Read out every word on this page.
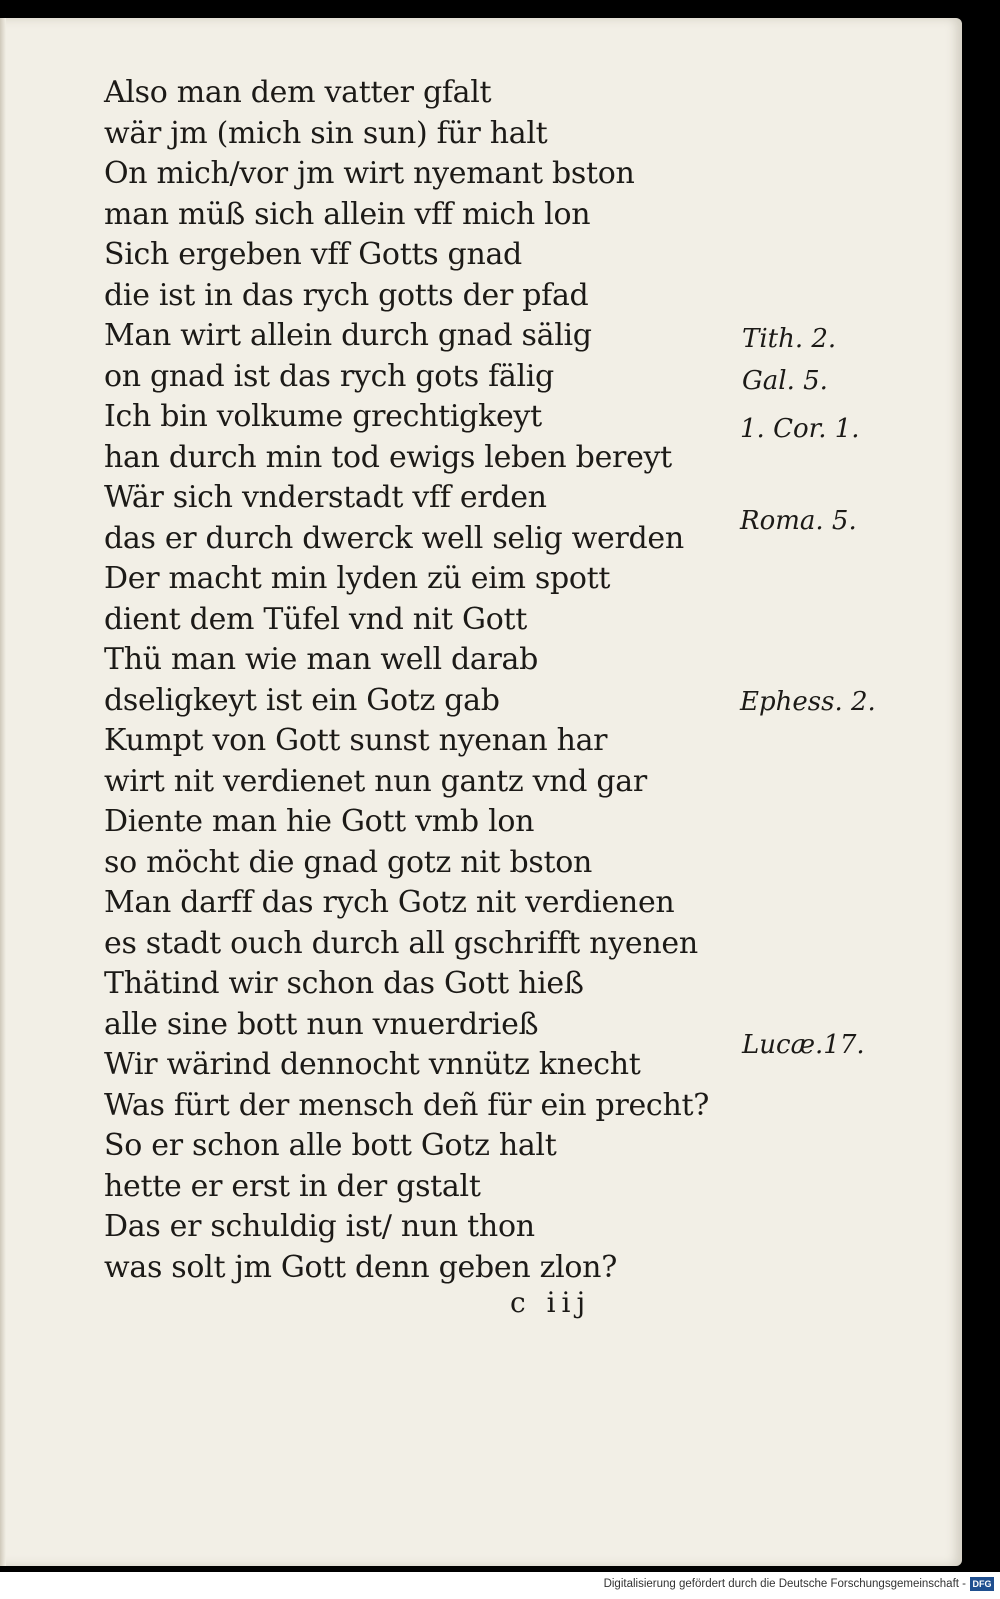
Also man dem vatter gfalt
wär jm (mich sin sun) für halt
On mich/vor jm wirt nyemant bston
man müß sich allein vff mich lon
Sich ergeben vff Gotts gnad
die ist in das rych gotts der pfad
Man wirt allein durch gnad sälig
on gnad ist das rych gots fälig
Ich bin volkume grechtigkeyt
han durch min tod ewigs leben bereyt
Wär sich vnderstadt vff erden
das er durch dwerck well selig werden
Der macht min lyden zü eim spott
dient dem Tüfel vnd nit Gott
Thü man wie man well darab
dseligkeyt ist ein Gotz gab
Kumpt von Gott sunst nyenan har
wirt nit verdienet nun gantz vnd gar
Diente man hie Gott vmb lon
so möcht die gnad gotz nit bston
Man darff das rych Gotz nit verdienen
es stadt ouch durch all gschrifft nyenen
Thätind wir schon das Gott hieß
alle sine bott nun vnuerdrieß
Wir wärind dennocht vnnütz knecht
Was fürt der mensch deñ für ein precht?
So er schon alle bott Gotz halt
hette er erst in der gstalt
Das er schuldig ist/ nun thon
was solt jm Gott denn geben zlon?
Tith. 2.
Gal. 5.
1. Cor. 1.
Roma. 5.
Ephess. 2.
Lucæ.17.
c iij
Digitalisierung gefördert durch die Deutsche Forschungsgemeinschaft - DFG
